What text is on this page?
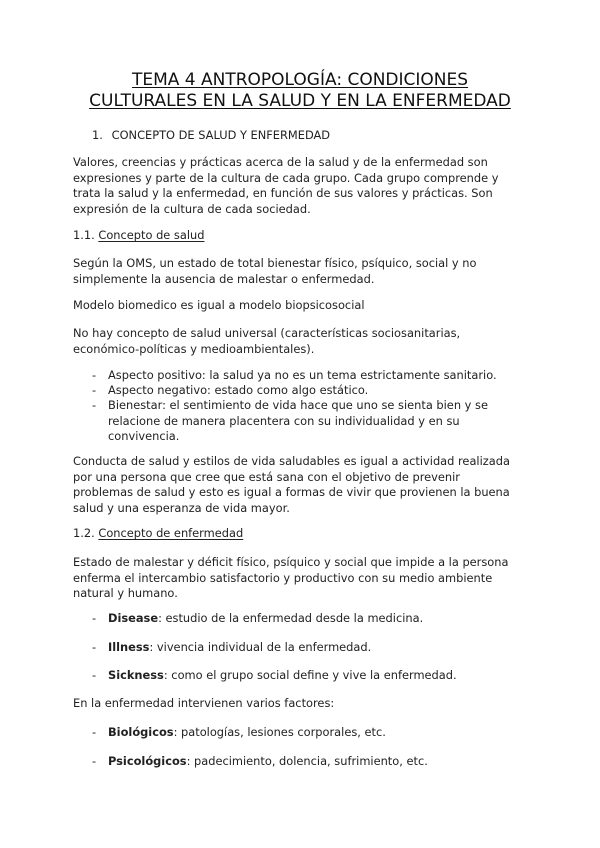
TEMA 4 ANTROPOLOGÍA: CONDICIONES
CULTURALES EN LA SALUD Y EN LA ENFERMEDAD
1. CONCEPTO DE SALUD Y ENFERMEDAD
Valores, creencias y prácticas acerca de la salud y de la enfermedad son
expresiones y parte de la cultura de cada grupo. Cada grupo comprende y
trata la salud y la enfermedad, en función de sus valores y prácticas. Son
expresión de la cultura de cada sociedad.
1.1. Concepto de salud
Según la OMS, un estado de total bienestar físico, psíquico, social y no
simplemente la ausencia de malestar o enfermedad.
Modelo biomedico es igual a modelo biopsicosocial
No hay concepto de salud universal (características sociosanitarias,
económico-políticas y medioambientales).
- Aspecto positivo: la salud ya no es un tema estrictamente sanitario.
- Aspecto negativo: estado como algo estático.
- Bienestar: el sentimiento de vida hace que uno se sienta bien y se
relacione de manera placentera con su individualidad y en su
convivencia.
Conducta de salud y estilos de vida saludables es igual a actividad realizada
por una persona que cree que está sana con el objetivo de prevenir
problemas de salud y esto es igual a formas de vivir que provienen la buena
salud y una esperanza de vida mayor.
1.2. Concepto de enfermedad
Estado de malestar y déficit físico, psíquico y social que impide a la persona
enferma el intercambio satisfactorio y productivo con su medio ambiente
natural y humano.
- Disease: estudio de la enfermedad desde la medicina.
- Illness: vivencia individual de la enfermedad.
- Sickness: como el grupo social define y vive la enfermedad.
En la enfermedad intervienen varios factores:
- Biológicos: patologías, lesiones corporales, etc.
- Psicológicos: padecimiento, dolencia, sufrimiento, etc.
